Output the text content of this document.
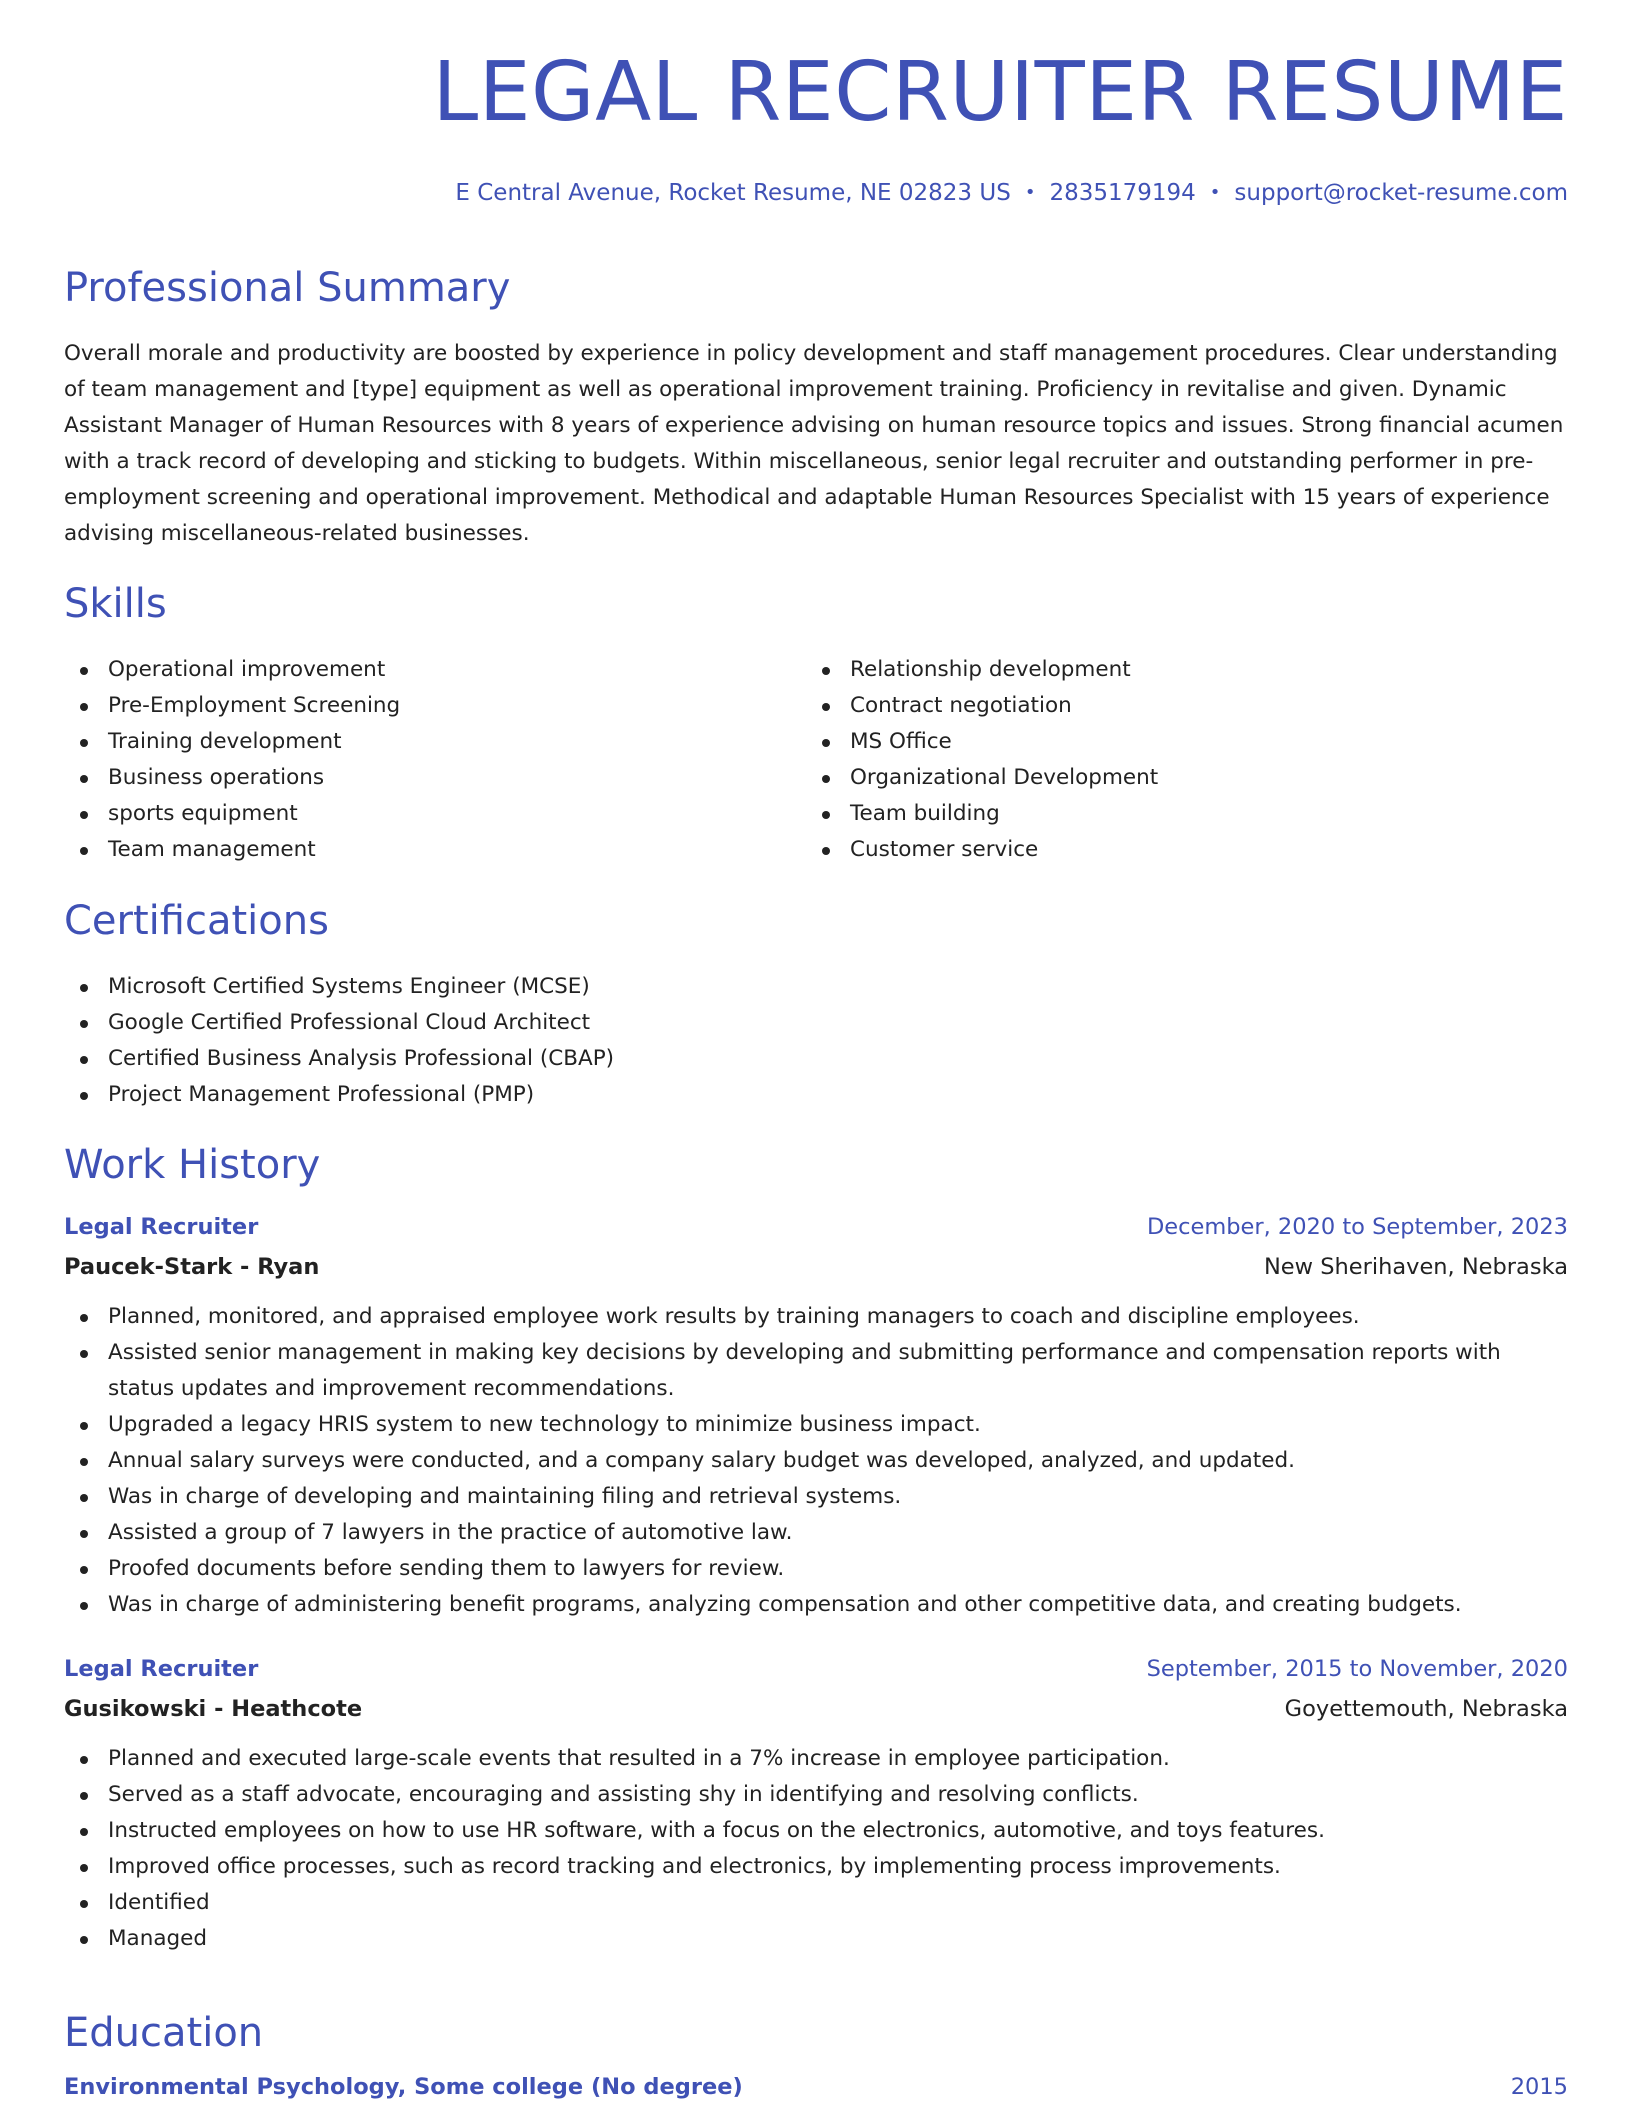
LEGAL RECRUITER RESUME
E Central Avenue, Rocket Resume, NE 02823 US • 2835179194 • support@rocket-resume.com
Professional Summary

Overall morale and productivity are boosted by experience in policy development and staff management procedures. Clear understanding of team management and [type] equipment as well as operational improvement training. Proficiency in revitalise and given. Dynamic Assistant Manager of Human Resources with 8 years of experience advising on human resource topics and issues. Strong financial acumen with a track record of developing and sticking to budgets. Within miscellaneous, senior legal recruiter and outstanding performer in pre-employment screening and operational improvement. Methodical and adaptable Human Resources Specialist with 15 years of experience advising miscellaneous-related businesses.

Skills
Operational improvement
Pre-Employment Screening
Training development
Business operations
sports equipment
Team management
Relationship development
Contract negotiation
MS Office
Organizational Development
Team building
Customer service
Certifications
Microsoft Certified Systems Engineer (MCSE)
Google Certified Professional Cloud Architect
Certified Business Analysis Professional (CBAP)
Project Management Professional (PMP)
Work History
Legal Recruiter	December, 2020 to September, 2023
Paucek-Stark - Ryan	New Sherihaven, Nebraska
Planned, monitored, and appraised employee work results by training managers to coach and discipline employees.
Assisted senior management in making key decisions by developing and submitting performance and compensation reports with status updates and improvement recommendations.
Upgraded a legacy HRIS system to new technology to minimize business impact.
Annual salary surveys were conducted, and a company salary budget was developed, analyzed, and updated.
Was in charge of developing and maintaining filing and retrieval systems.
Assisted a group of 7 lawyers in the practice of automotive law.
Proofed documents before sending them to lawyers for review.
Was in charge of administering benefit programs, analyzing compensation and other competitive data, and creating budgets.
Legal Recruiter	September, 2015 to November, 2020
Gusikowski - Heathcote	Goyettemouth, Nebraska
Planned and executed large-scale events that resulted in a 7% increase in employee participation.
Served as a staff advocate, encouraging and assisting shy in identifying and resolving conflicts.
Instructed employees on how to use HR software, with a focus on the electronics, automotive, and toys features.
Improved office processes, such as record tracking and electronics, by implementing process improvements.
Identified
Managed
Education
Environmental Psychology, Some college (No degree)	2015
